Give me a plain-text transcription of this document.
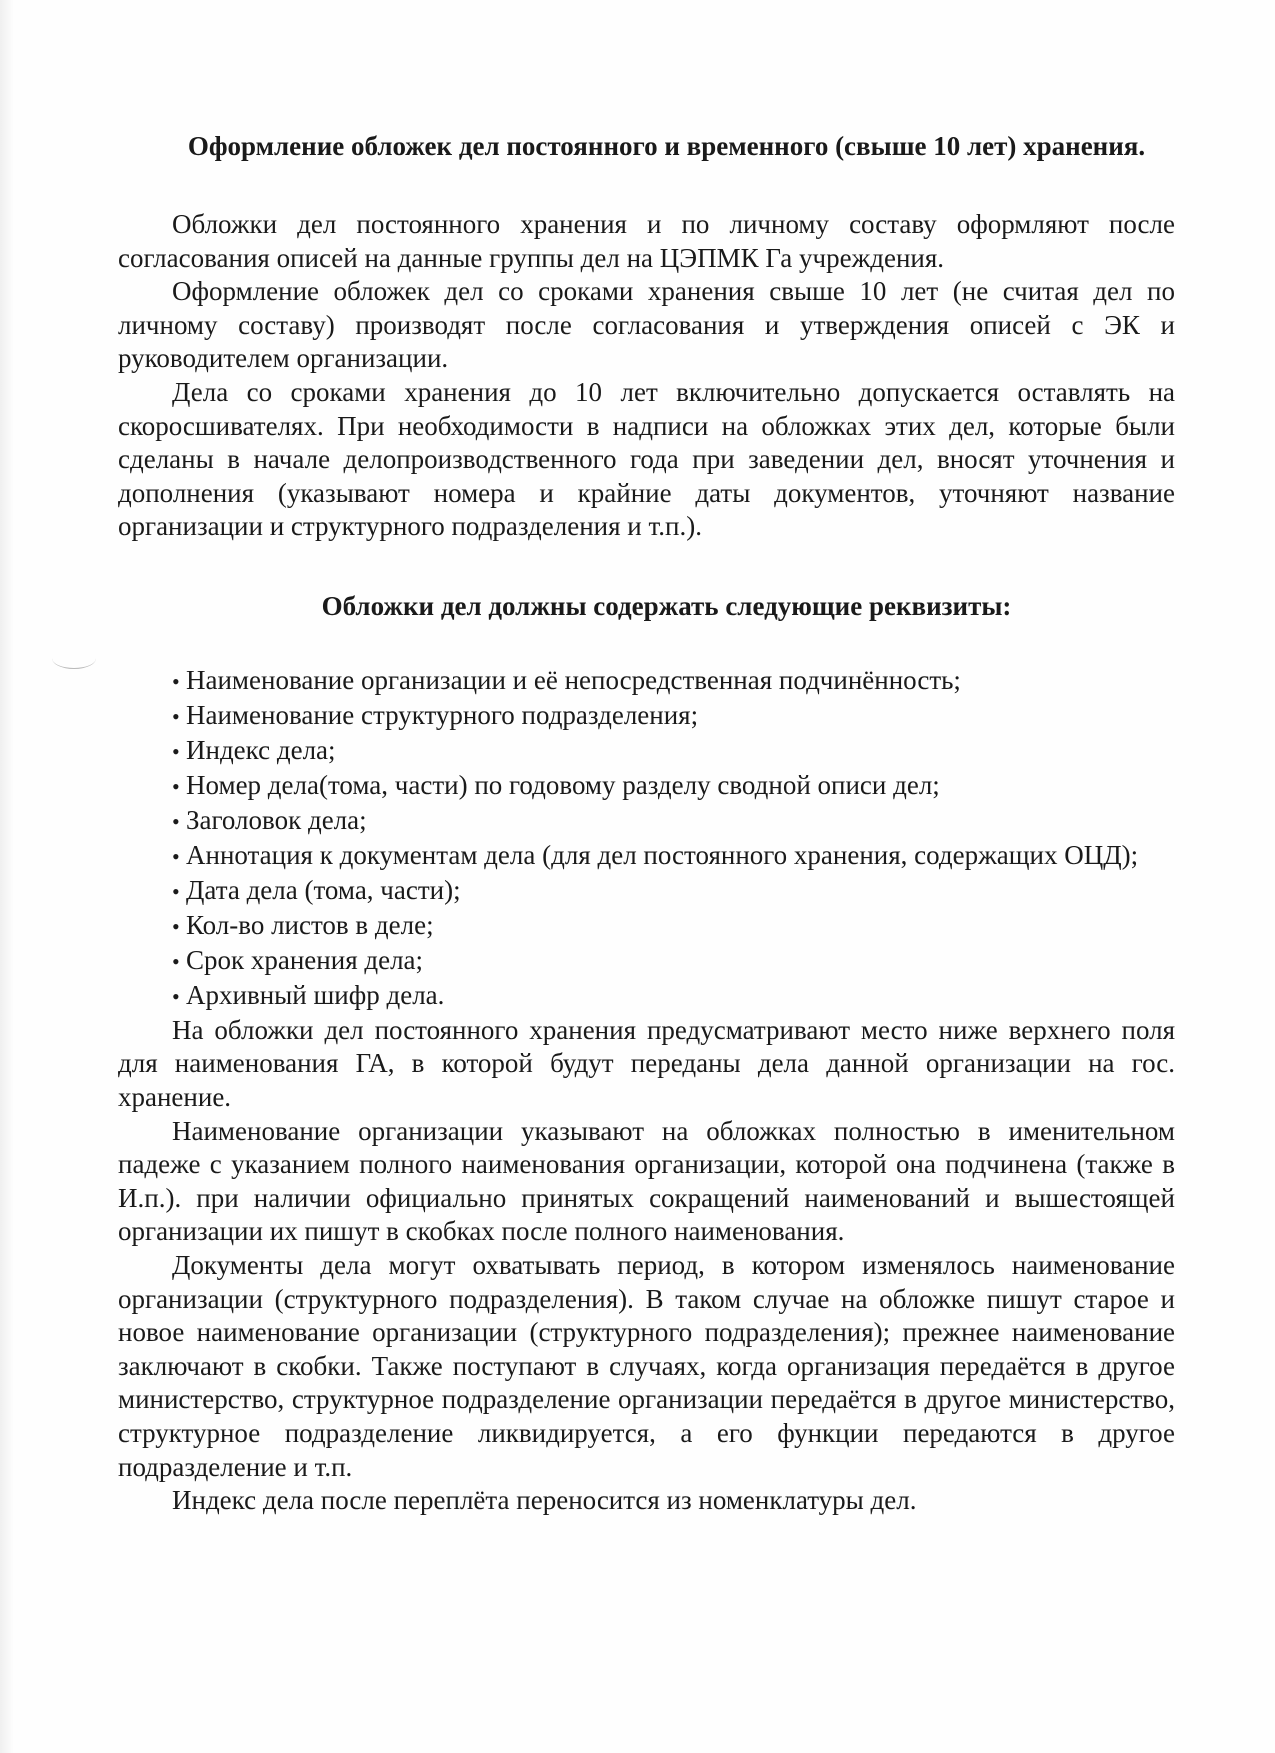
Оформление обложек дел постоянного и временного (свыше 10 лет) хранения.

Обложки дел постоянного хранения и по личному составу оформляют после согласования описей на данные группы дел на ЦЭПМК Га учреждения.

Оформление обложек дел со сроками хранения свыше 10 лет (не считая дел по личному составу) производят после согласования и утверждения описей с ЭК и руководителем организации.

Дела со сроками хранения до 10 лет включительно допускается оставлять на скоросшивателях. При необходимости в надписи на обложках этих дел, которые были сделаны в начале делопроизводственного года при заведении дел, вносят уточнения и дополнения (указывают номера и крайние даты документов, уточняют название организации и структурного подразделения и т.п.).

Обложки дел должны содержать следующие реквизиты:
• Наименование организации и её непосредственная подчинённость;
• Наименование структурного подразделения;
• Индекс дела;
• Номер дела(тома, части) по годовому разделу сводной описи дел;
• Заголовок дела;
• Аннотация к документам дела (для дел постоянного хранения, содержащих ОЦД);
• Дата дела (тома, части);
• Кол-во листов в деле;
• Срок хранения дела;
• Архивный шифр дела.

На обложки дел постоянного хранения предусматривают место ниже верхнего поля для наименования ГА, в которой будут переданы дела данной организации на гос. хранение.

Наименование организации указывают на обложках полностью в именительном падеже с указанием полного наименования организации, которой она подчинена (также в И.п.). при наличии официально принятых сокращений наименований и вышестоящей организации их пишут в скобках после полного наименования.

Документы дела могут охватывать период, в котором изменялось наименование организации (структурного подразделения). В таком случае на обложке пишут старое и новое наименование организации (структурного подразделения); прежнее наименование заключают в скобки. Также поступают в случаях, когда организация передаётся в другое министерство, структурное подразделение организации передаётся в другое министерство, структурное подразделение ликвидируется, а его функции передаются в другое подразделение и т.п.

Индекс дела после переплёта переносится из номенклатуры дел.
